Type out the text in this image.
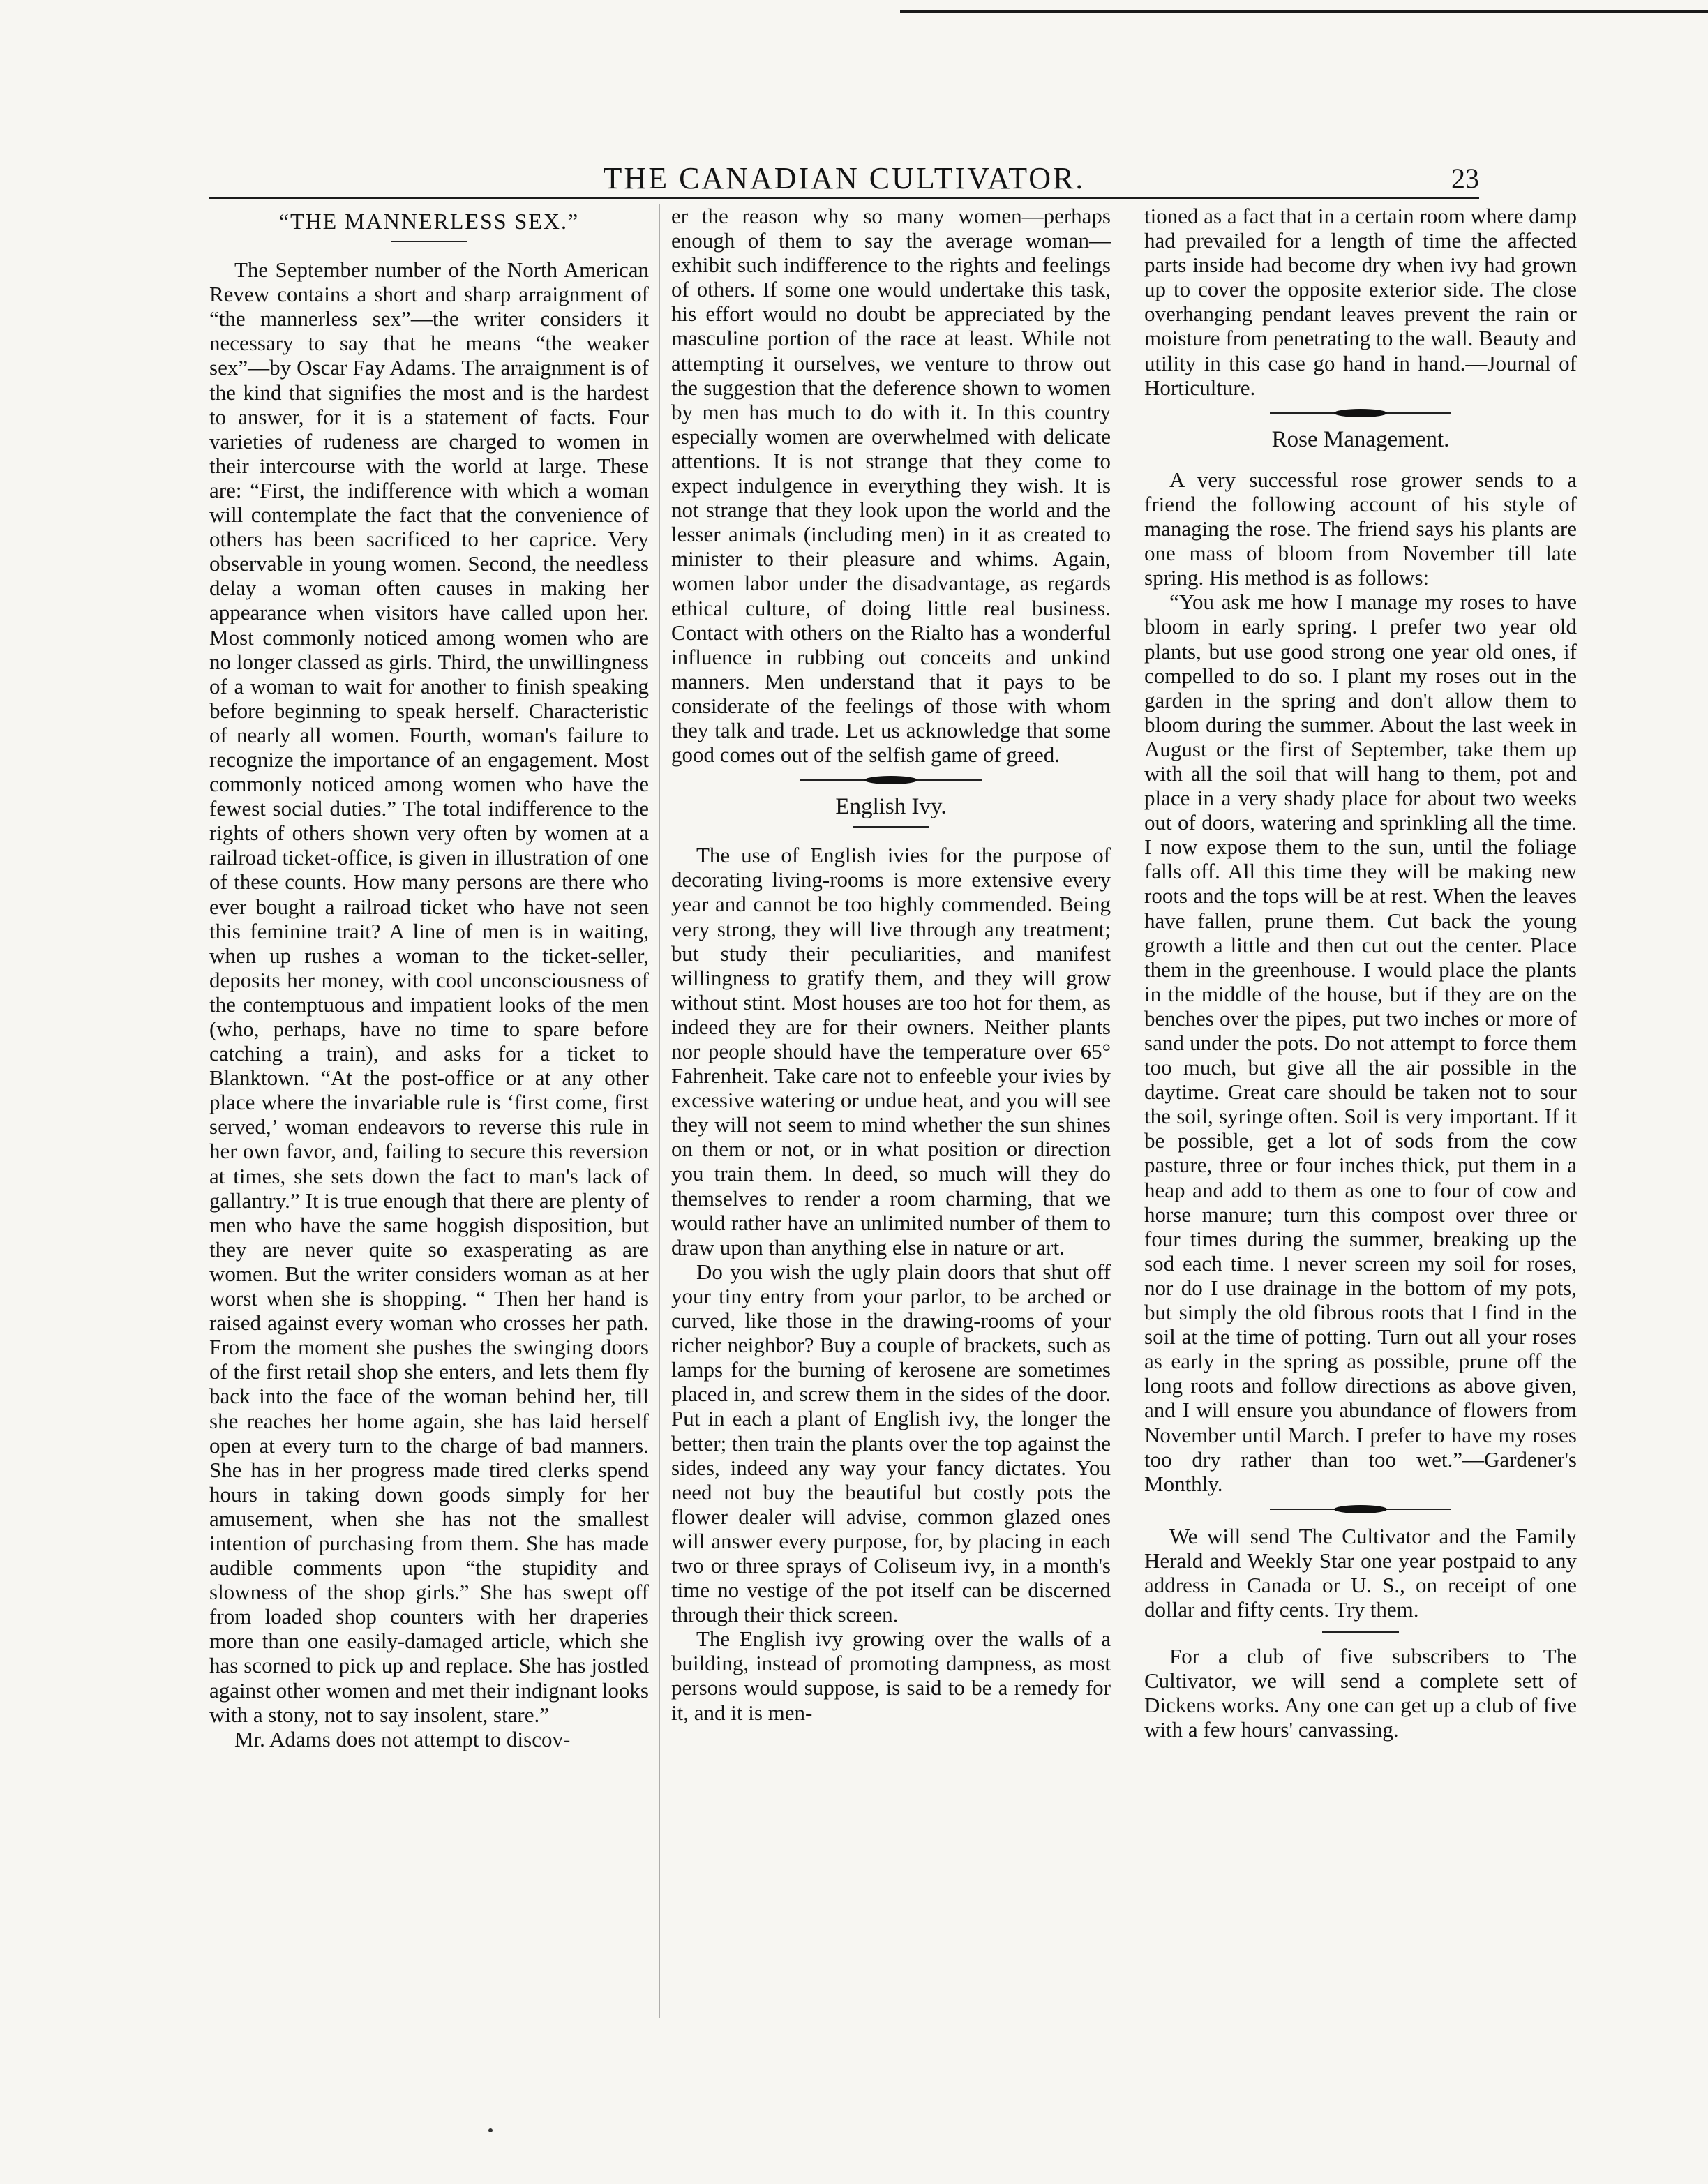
THE CANADIAN CULTIVATOR.	23

“THE MANNERLESS SEX.”

The September number of the North American Revew contains a short and sharp arraignment of “the mannerless sex”—the writer considers it necessary to say that he means “the weaker sex”—by Oscar Fay Adams. The arraignment is of the kind that signifies the most and is the hardest to answer, for it is a statement of facts. Four varieties of rudeness are charged to women in their intercourse with the world at large. These are: “First, the indifference with which a woman will contemplate the fact that the convenience of others has been sacrificed to her caprice. Very observable in young women. Second, the needless delay a woman often causes in making her appearance when visitors have called upon her. Most commonly noticed among women who are no longer classed as girls. Third, the unwillingness of a woman to wait for another to finish speaking before beginning to speak herself. Characteristic of nearly all women. Fourth, woman's failure to recognize the importance of an engagement. Most commonly noticed among women who have the fewest social duties.” The total indifference to the rights of others shown very often by women at a railroad ticket-office, is given in illustration of one of these counts. How many persons are there who ever bought a railroad ticket who have not seen this feminine trait? A line of men is in waiting, when up rushes a woman to the ticket-seller, deposits her money, with cool unconsciousness of the contemptuous and impatient looks of the men (who, perhaps, have no time to spare before catching a train), and asks for a ticket to Blanktown. “At the post-office or at any other place where the invariable rule is ‘first come, first served,’ woman endeavors to reverse this rule in her own favor, and, failing to secure this reversion at times, she sets down the fact to man's lack of gallantry.” It is true enough that there are plenty of men who have the same hoggish disposition, but they are never quite so exasperating as are women. But the writer considers woman as at her worst when she is shopping. “ Then her hand is raised against every woman who crosses her path. From the moment she pushes the swinging doors of the first retail shop she enters, and lets them fly back into the face of the woman behind her, till she reaches her home again, she has laid herself open at every turn to the charge of bad manners. She has in her progress made tired clerks spend hours in taking down goods simply for her amusement, when she has not the smallest intention of purchasing from them. She has made audible comments upon “the stupidity and slowness of the shop girls.” She has swept off from loaded shop counters with her draperies more than one easily-damaged article, which she has scorned to pick up and replace. She has jostled against other women and met their indignant looks with a stony, not to say insolent, stare.”

Mr. Adams does not attempt to discov-

er the reason why so many women—perhaps enough of them to say the average woman—exhibit such indifference to the rights and feelings of others. If some one would undertake this task, his effort would no doubt be appreciated by the masculine portion of the race at least. While not attempting it ourselves, we venture to throw out the suggestion that the deference shown to women by men has much to do with it. In this country especially women are overwhelmed with delicate attentions. It is not strange that they come to expect indulgence in everything they wish. It is not strange that they look upon the world and the lesser animals (including men) in it as created to minister to their pleasure and whims. Again, women labor under the disadvantage, as regards ethical culture, of doing little real business. Contact with others on the Rialto has a wonderful influence in rubbing out conceits and unkind manners. Men understand that it pays to be considerate of the feelings of those with whom they talk and trade. Let us acknowledge that some good comes out of the selfish game of greed.

English Ivy.

The use of English ivies for the purpose of decorating living-rooms is more extensive every year and cannot be too highly commended. Being very strong, they will live through any treatment; but study their peculiarities, and manifest willingness to gratify them, and they will grow without stint. Most houses are too hot for them, as indeed they are for their owners. Neither plants nor people should have the temperature over 65° Fahrenheit. Take care not to enfeeble your ivies by excessive watering or undue heat, and you will see they will not seem to mind whether the sun shines on them or not, or in what position or direction you train them. In deed, so much will they do themselves to render a room charming, that we would rather have an unlimited number of them to draw upon than anything else in nature or art.

Do you wish the ugly plain doors that shut off your tiny entry from your parlor, to be arched or curved, like those in the drawing-rooms of your richer neighbor? Buy a couple of brackets, such as lamps for the burning of kerosene are sometimes placed in, and screw them in the sides of the door. Put in each a plant of English ivy, the longer the better; then train the plants over the top against the sides, indeed any way your fancy dictates. You need not buy the beautiful but costly pots the flower dealer will advise, common glazed ones will answer every purpose, for, by placing in each two or three sprays of Coliseum ivy, in a month's time no vestige of the pot itself can be discerned through their thick screen.

The English ivy growing over the walls of a building, instead of promoting dampness, as most persons would suppose, is said to be a remedy for it, and it is men-

tioned as a fact that in a certain room where damp had prevailed for a length of time the affected parts inside had become dry when ivy had grown up to cover the opposite exterior side. The close overhanging pendant leaves prevent the rain or moisture from penetrating to the wall. Beauty and utility in this case go hand in hand.—Journal of Horticulture.

Rose Management.

A very successful rose grower sends to a friend the following account of his style of managing the rose. The friend says his plants are one mass of bloom from November till late spring. His method is as follows:

“You ask me how I manage my roses to have bloom in early spring. I prefer two year old plants, but use good strong one year old ones, if compelled to do so. I plant my roses out in the garden in the spring and don't allow them to bloom during the summer. About the last week in August or the first of September, take them up with all the soil that will hang to them, pot and place in a very shady place for about two weeks out of doors, watering and sprinkling all the time. I now expose them to the sun, until the foliage falls off. All this time they will be making new roots and the tops will be at rest. When the leaves have fallen, prune them. Cut back the young growth a little and then cut out the center. Place them in the greenhouse. I would place the plants in the middle of the house, but if they are on the benches over the pipes, put two inches or more of sand under the pots. Do not attempt to force them too much, but give all the air possible in the daytime. Great care should be taken not to sour the soil, syringe often. Soil is very important. If it be possible, get a lot of sods from the cow pasture, three or four inches thick, put them in a heap and add to them as one to four of cow and horse manure; turn this compost over three or four times during the summer, breaking up the sod each time. I never screen my soil for roses, nor do I use drainage in the bottom of my pots, but simply the old fibrous roots that I find in the soil at the time of potting. Turn out all your roses as early in the spring as possible, prune off the long roots and follow directions as above given, and I will ensure you abundance of flowers from November until March. I prefer to have my roses too dry rather than too wet.”—Gardener's Monthly.

We will send The Cultivator and the Family Herald and Weekly Star one year postpaid to any address in Canada or U. S., on receipt of one dollar and fifty cents. Try them.

For a club of five subscribers to The Cultivator, we will send a complete sett of Dickens works. Any one can get up a club of five with a few hours' canvassing.
